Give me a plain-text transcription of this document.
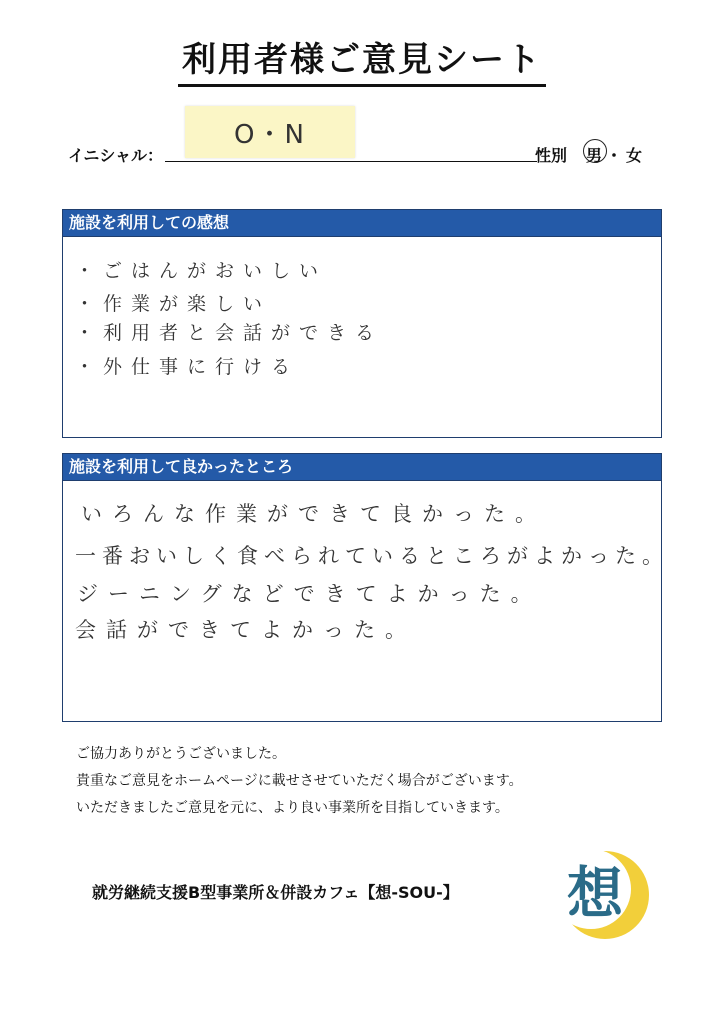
利用者様ご意見シート
イニシャル：
O・N
性別 男 ・ 女
施設を利用しての感想
・ごはんがおいしい
・作業が楽しい
・利用者と会話ができる
・外仕事に行ける
施設を利用して良かったところ
いろんな作業ができて良かった。
一番おいしく食べられているところがよかった。
ジーニングなどできてよかった。
会話ができてよかった。
ご協力ありがとうございました。
貴重なご意見をホームページに載せさせていただく場合がございます。
いただきましたご意見を元に、より良い事業所を目指していきます。
就労継続支援B型事業所＆併設カフェ【想-SOU-】 想
